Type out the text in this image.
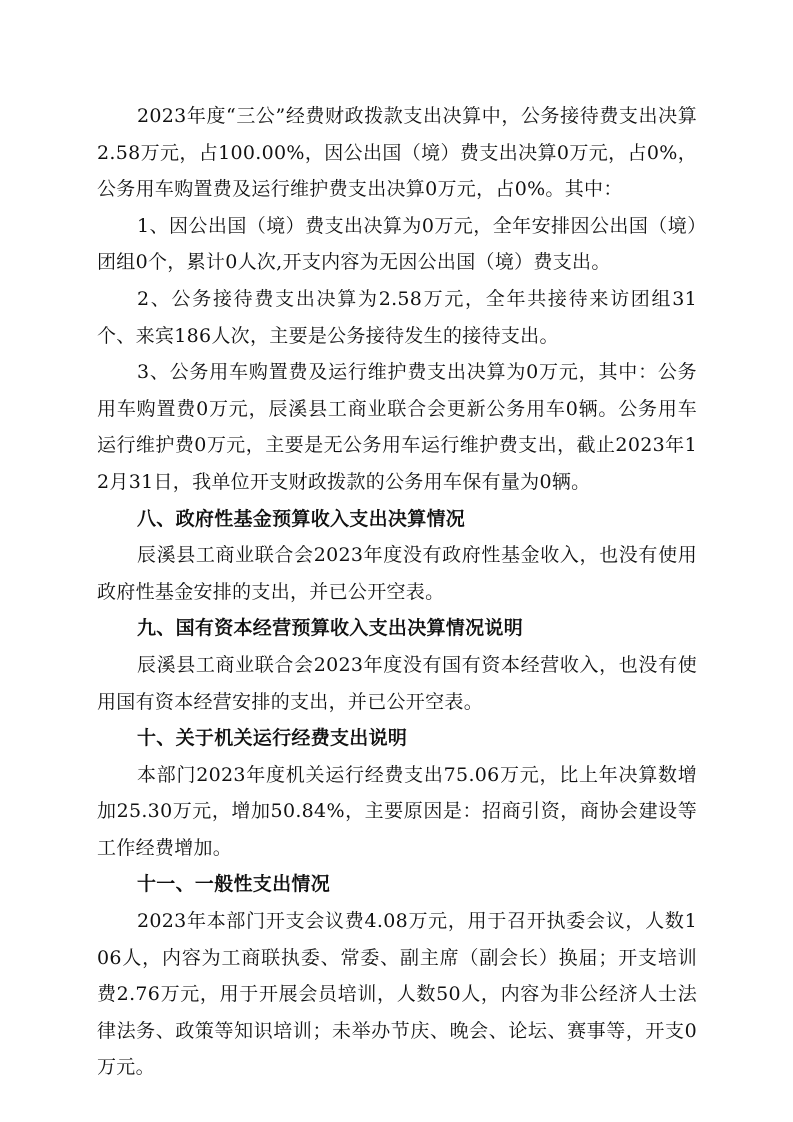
2023年度“三公”经费财政拨款支出决算中，公务接待费支出决算2.58万元，占100.00%，因公出国（境）费支出决算0万元，占0%，公务用车购置费及运行维护费支出决算0万元，占0%。其中：

1、因公出国（境）费支出决算为0万元，全年安排因公出国（境）团组0个，累计0人次,开支内容为无因公出国（境）费支出。

2、公务接待费支出决算为2.58万元，全年共接待来访团组31个、来宾186人次，主要是公务接待发生的接待支出。

3、公务用车购置费及运行维护费支出决算为0万元，其中：公务用车购置费0万元，辰溪县工商业联合会更新公务用车0辆。公务用车运行维护费0万元，主要是无公务用车运行维护费支出，截止2023年12月31日，我单位开支财政拨款的公务用车保有量为0辆。

八、政府性基金预算收入支出决算情况

辰溪县工商业联合会2023年度没有政府性基金收入，也没有使用政府性基金安排的支出，并已公开空表。

九、国有资本经营预算收入支出决算情况说明

辰溪县工商业联合会2023年度没有国有资本经营收入，也没有使用国有资本经营安排的支出，并已公开空表。

十、关于机关运行经费支出说明

本部门2023年度机关运行经费支出75.06万元，比上年决算数增加25.30万元，增加50.84%，主要原因是：招商引资，商协会建设等工作经费增加。

十一、一般性支出情况

2023年本部门开支会议费4.08万元，用于召开执委会议，人数106人，内容为工商联执委、常委、副主席（副会长）换届；开支培训费2.76万元，用于开展会员培训，人数50人，内容为非公经济人士法律法务、政策等知识培训；未举办节庆、晚会、论坛、赛事等，开支0万元。
